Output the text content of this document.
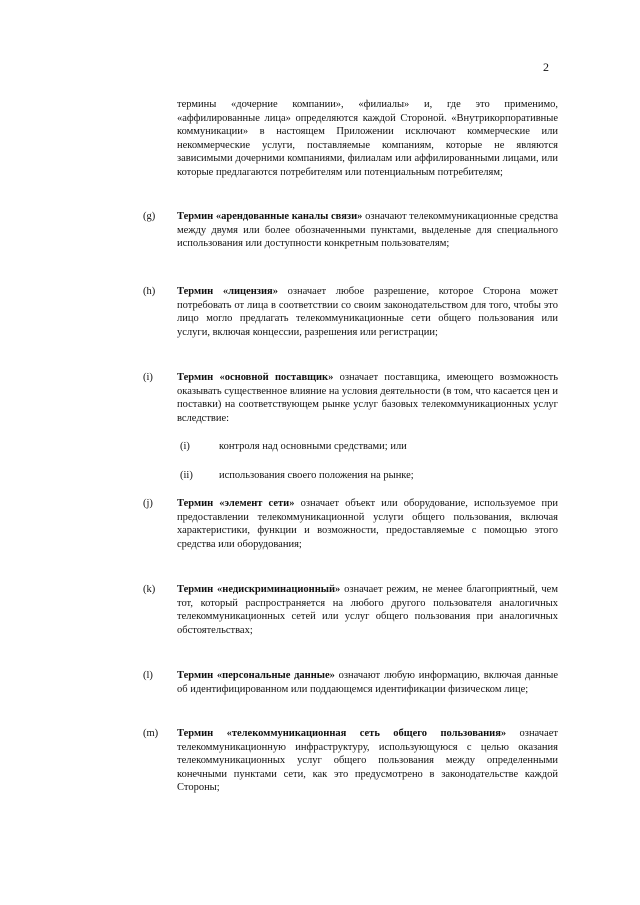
2
термины «дочерние компании», «филиалы» и, где это применимо, «аффилированные лица» определяются каждой Стороной. «Внутрикорпоративные коммуникации» в настоящем Приложении исключают коммерческие или некоммерческие услуги, поставляемые компаниям, которые не являются зависимыми дочерними компаниями, филиалам или аффилированными лицами, или которые предлагаются потребителям или потенциальным потребителям;
(g) Термин «арендованные каналы связи» означают телекоммуникационные средства между двумя или более обозначенными пунктами, выделеные для специального использования или доступности конкретным пользователям;
(h) Термин «лицензия» означает любое разрешение, которое Сторона может потребовать от лица в соответствии со своим законодательством для того, чтобы это лицо могло предлагать телекоммуникационные сети общего пользования или услуги, включая концессии, разрешения или регистрации;
(i) Термин «основной поставщик» означает поставщика, имеющего возможность оказывать существенное влияние на условия деятельности (в том, что касается цен и поставки) на соответствующем рынке услуг базовых телекоммуникационных услуг вследствие:
(i)	контроля над основными средствами; или
(ii) использования своего положения на рынке;
(j) Термин «элемент сети» означает объект или оборудование, используемое при предоставлении телекоммуникационной услуги общего пользования, включая характеристики, функции и возможности, предоставляемые с помощью этого средства или оборудования;
(k) Термин «недискриминационный» означает режим, не менее благоприятный, чем тот, который распространяется на любого другого пользователя аналогичных телекоммуникационных сетей или услуг общего пользования при аналогичных обстоятельствах;
(l) Термин «персональные данные» означают любую информацию, включая данные об идентифицированном или поддающемся идентификации физическом лице;
(m) Термин «телекоммуникационная сеть общего пользования» означает телекоммуникационную инфраструктуру, использующуюся с целью оказания телекоммуникационных услуг общего пользования между определенными конечными пунктами сети, как это предусмотрено в законодательстве каждой Стороны;
